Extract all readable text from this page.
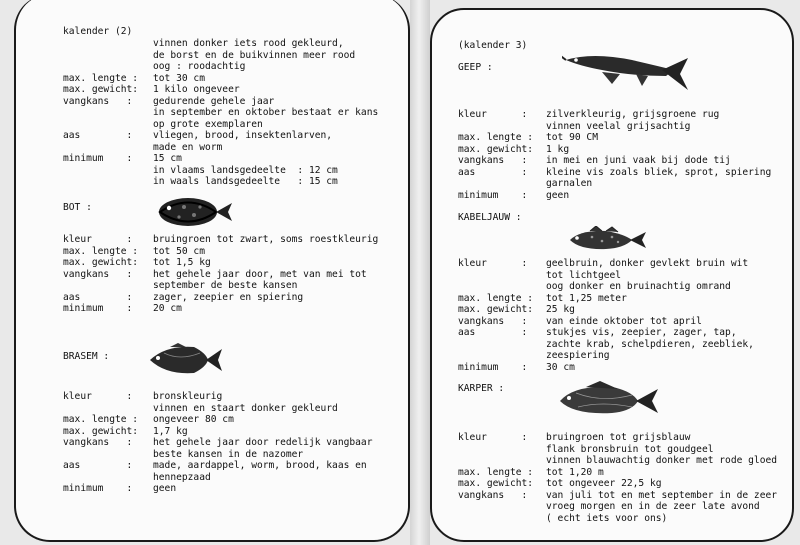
kalender (2)
BOT :
BRASEM :
vinnen donker iets rood gekleurd,
de borst en de buikvinnen meer rood
oog : roodachtig
max. lengte : tot 30 cm
max. gewicht: 1 kilo ongeveer
vangkans   : gedurende gehele jaar
in september en oktober bestaat er kans
op grote exemplaren
aas        : vliegen, brood, insektenlarven,
made en worm
minimum    : 15 cm
in vlaams landsgedeelte  : 12 cm
in waals landsgedeelte   : 15 cm
kleur      : bruingroen tot zwart, soms roestkleurig
max. lengte : tot 50 cm
max. gewicht: tot 1,5 kg
vangkans   : het gehele jaar door, met van mei tot
september de beste kansen
aas        : zager, zeepier en spiering
minimum    : 20 cm
kleur      : bronskleurig
vinnen en staart donker gekleurd
max. lengte : ongeveer 80 cm
max. gewicht: 1,7 kg
vangkans   : het gehele jaar door redelijk vangbaar
beste kansen in de nazomer
aas        : made, aardappel, worm, brood, kaas en
hennepzaad
minimum    : geen
(kalender 3)
GEEP :
KABELJAUW :
KARPER :
kleur      : zilverkleurig, grijsgroene rug
vinnen veelal grijsachtig
max. lengte : tot 90 CM
max. gewicht: 1 kg
vangkans   : in mei en juni vaak bij dode tij
aas        : kleine vis zoals bliek, sprot, spiering
garnalen
minimum    : geen
kleur      : geelbruin, donker gevlekt bruin wit
tot lichtgeel
oog donker en bruinachtig omrand
max. lengte : tot 1,25 meter
max. gewicht: 25 kg
vangkans   : van einde oktober tot april
aas        : stukjes vis, zeepier, zager, tap,
zachte krab, schelpdieren, zeebliek,
zeespiering
minimum    : 30 cm
kleur      : bruingroen tot grijsblauw
flank bronsbruin tot goudgeel
vinnen blauwachtig donker met rode gloed
max. lengte : tot 1,20 m
max. gewicht: tot ongeveer 22,5 kg
vangkans   : van juli tot en met september in de zeer
vroeg morgen en in de zeer late avond
( echt iets voor ons)
